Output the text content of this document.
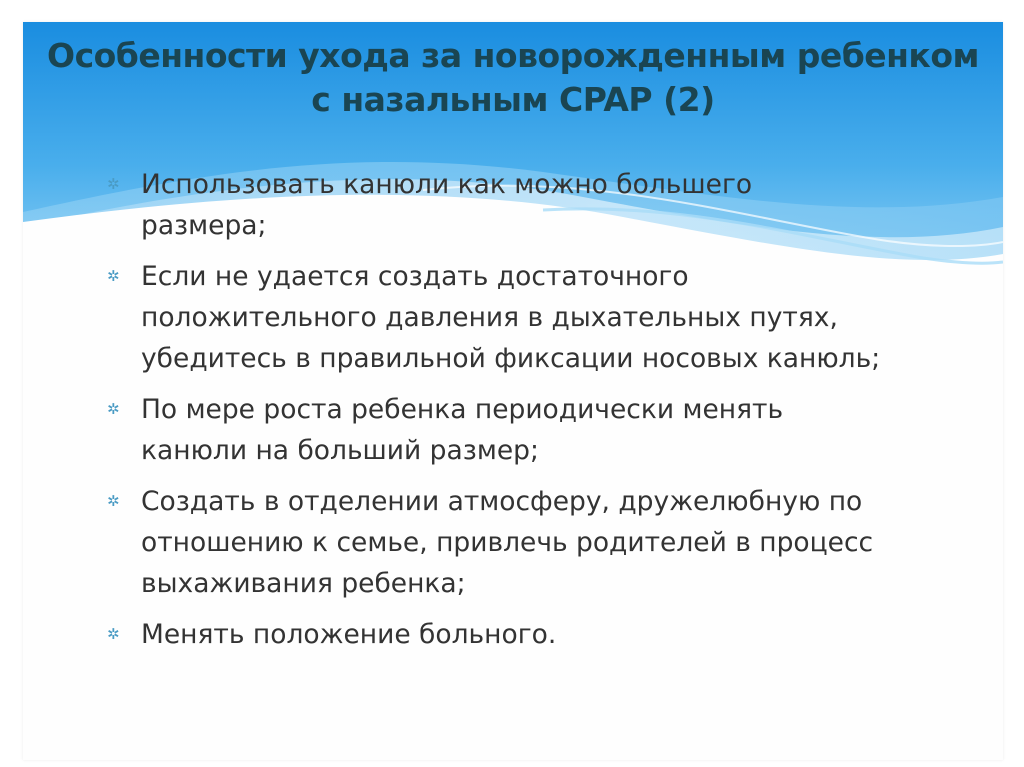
Особенности ухода за новорожденным ребенком
с назальным CPAP (2)
✲ Использовать канюли как можно большего
размера;
✲ Если не удается создать достаточного
положительного давления в дыхательных путях,
убедитесь в правильной фиксации носовых канюль;
✲ По мере роста ребенка периодически менять
канюли на больший размер;
✲ Создать в отделении атмосферу, дружелюбную по
отношению к семье, привлечь родителей в процесс
выхаживания ребенка;
✲ Менять положение больного.
